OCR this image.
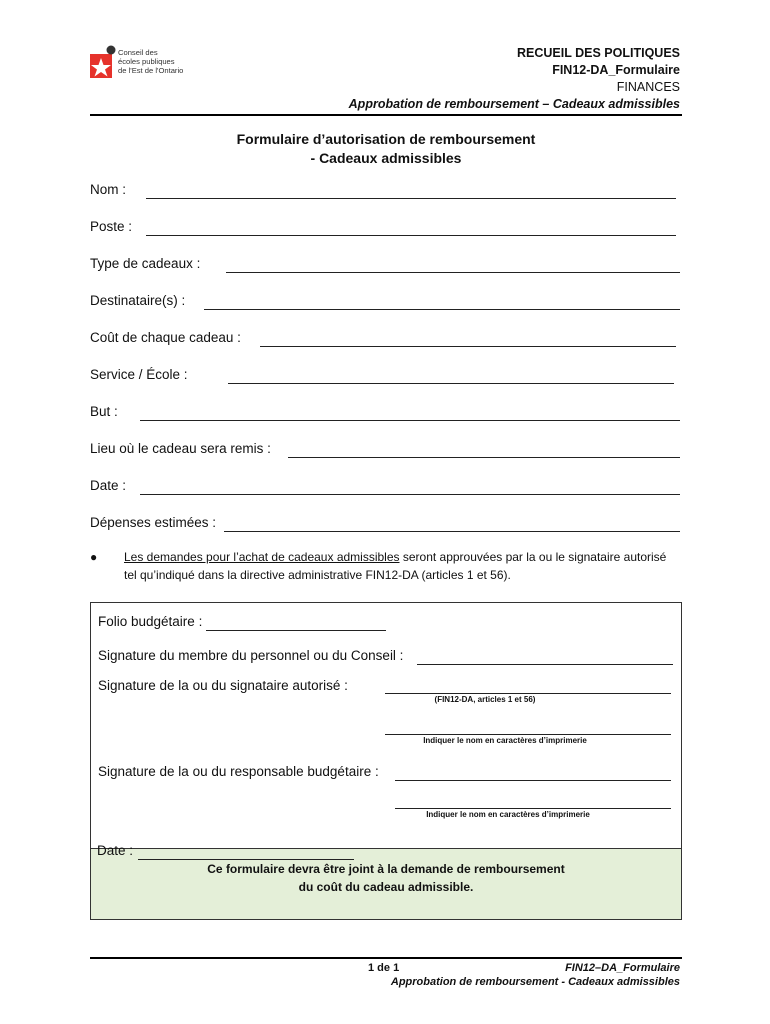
Conseil des
écoles publiques
de l'Est de l'Ontario
RECUEIL DES POLITIQUES
FIN12-DA_Formulaire
FINANCES
Approbation de remboursement – Cadeaux admissibles
Formulaire d’autorisation de remboursement
- Cadeaux admissibles
Nom :
Poste :
Type de cadeaux :
Destinataire(s) :
Coût de chaque cadeau :
Service / École :
But :
Lieu où le cadeau sera remis :
Date :
Dépenses estimées :
● Les demandes pour l’achat de cadeaux admissibles seront approuvées par la ou le signataire autorisé tel qu’indiqué dans la directive administrative FIN12-DA (articles 1 et 56).
Folio budgétaire :
Signature du membre du personnel ou du Conseil :
Signature de la ou du signataire autorisé :
(FIN12-DA, articles 1 et 56)
Indiquer le nom en caractères d’imprimerie
Signature de la ou du responsable budgétaire :
Indiquer le nom en caractères d’imprimerie
Ce formulaire devra être joint à la demande de remboursement
du coût du cadeau admissible.
Date :
1 de 1	FIN12–DA_Formulaire
Approbation de remboursement - Cadeaux admissibles
